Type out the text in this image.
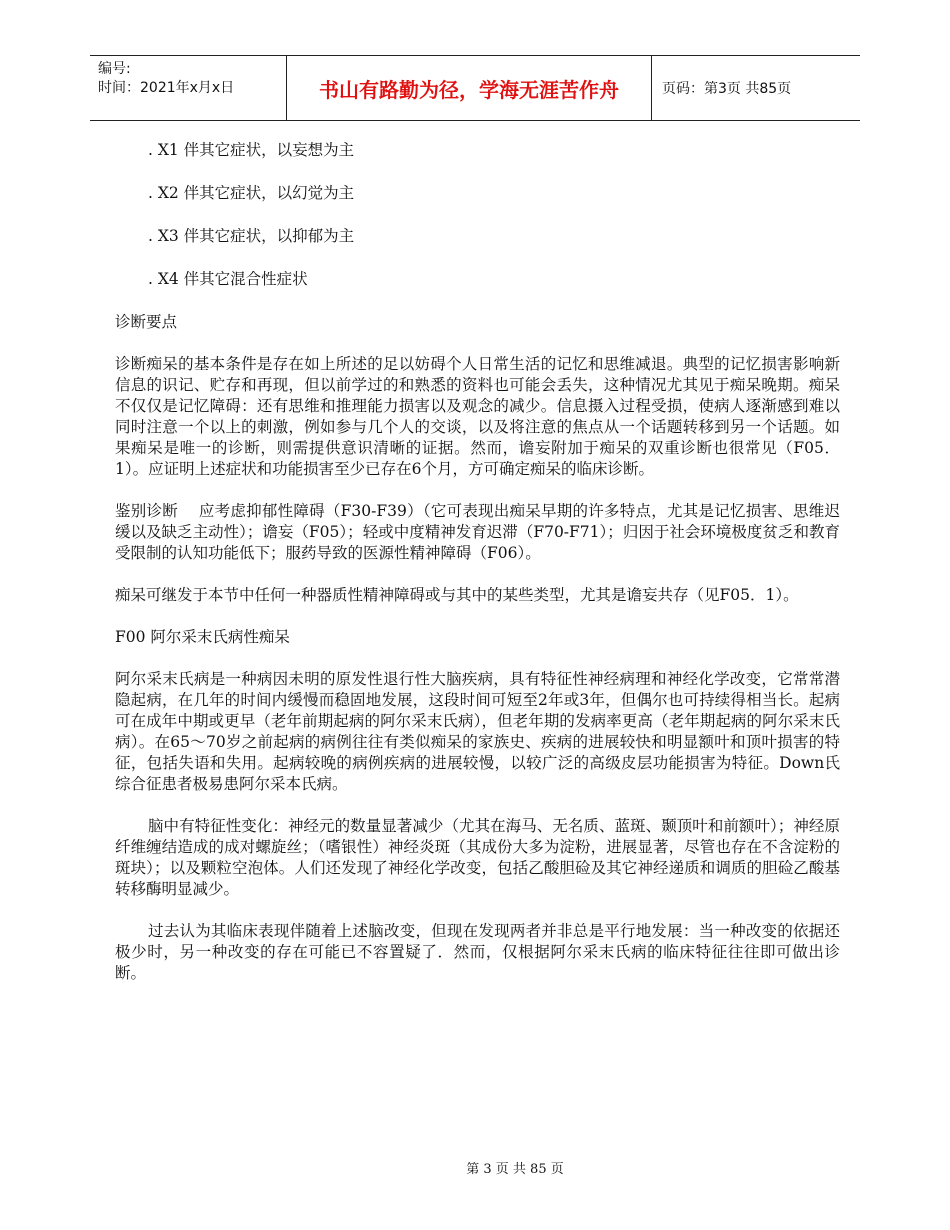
编号:
时间：2021年x月x日	书山有路勤为径，学海无涯苦作舟	页码：第3页 共85页

. X1 伴其它症状，以妄想为主

. X2 伴其它症状，以幻觉为主

. X3 伴其它症状，以抑郁为主

. X4 伴其它混合性症状

诊断要点

诊断痴呆的基本条件是存在如上所述的足以妨碍个人日常生活的记忆和思维减退。典型的记忆损害影响新信息的识记、贮存和再现，但以前学过的和熟悉的资料也可能会丢失，这种情况尤其见于痴呆晚期。痴呆不仅仅是记忆障碍：还有思维和推理能力损害以及观念的减少。信息摄入过程受损，使病人逐渐感到难以同时注意一个以上的刺激，例如参与几个人的交谈，以及将注意的焦点从一个话题转移到另一个话题。如果痴呆是唯一的诊断，则需提供意识清晰的证据。然而，谵妄附加于痴呆的双重诊断也很常见（F05．1）。应证明上述症状和功能损害至少已存在6个月，方可确定痴呆的临床诊断。

鉴别诊断　 应考虑抑郁性障碍（F30-F39）（它可表现出痴呆早期的许多特点，尤其是记忆损害、思维迟缓以及缺乏主动性）；谵妄（F05）；轻或中度精神发育迟滞（F70-F71）；归因于社会环境极度贫乏和教育受限制的认知功能低下；服药导致的医源性精神障碍（F06）。

痴呆可继发于本节中任何一种器质性精神障碍或与其中的某些类型，尤其是谵妄共存（见F05．1）。

F00 阿尔采末氏病性痴呆

阿尔采末氏病是一种病因未明的原发性退行性大脑疾病，具有特征性神经病理和神经化学改变，它常常潜隐起病，在几年的时间内缓慢而稳固地发展，这段时间可短至2年或3年，但偶尔也可持续得相当长。起病可在成年中期或更早（老年前期起病的阿尔采末氏病），但老年期的发病率更高（老年期起病的阿尔采末氏病）。在65～70岁之前起病的病例往往有类似痴呆的家族史、疾病的进展较快和明显额叶和顶叶损害的特征，包括失语和失用。起病较晚的病例疾病的进展较慢，以较广泛的高级皮层功能损害为特征。Down氏综合征患者极易患阿尔采本氏病。

脑中有特征性变化：神经元的数量显著减少（尤其在海马、无名质、蓝斑、颞顶叶和前额叶）；神经原纤维缠结造成的成对螺旋丝；（嗜银性）神经炎斑（其成份大多为淀粉，进展显著，尽管也存在不含淀粉的斑块）；以及颗粒空泡体。人们还发现了神经化学改变，包括乙酸胆硷及其它神经递质和调质的胆硷乙酸基转移酶明显减少。

过去认为其临床表现伴随着上述脑改变，但现在发现两者并非总是平行地发展：当一种改变的依据还极少时，另一种改变的存在可能已不容置疑了．然而，仅根据阿尔采末氏病的临床特征往往即可做出诊断。

第 3 页 共 85 页
